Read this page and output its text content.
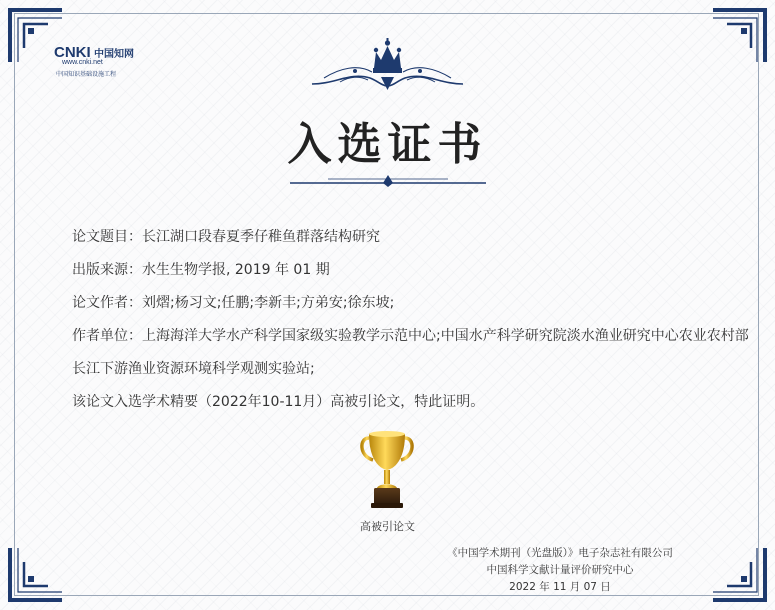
CNKI 中国知网
www.cnki.net
中国知识基础设施工程
入选证书
论文题目：长江湖口段春夏季仔稚鱼群落结构研究
出版来源：水生生物学报, 2019 年 01 期
论文作者：刘熠;杨习文;任鹏;李新丰;方弟安;徐东坡;
作者单位：上海海洋大学水产科学国家级实验教学示范中心;中国水产科学研究院淡水渔业研究中心农业农村部
长江下游渔业资源环境科学观测实验站;
该论文入选学术精要（2022年10-11月）高被引论文，特此证明。
高被引论文
《中国学术期刊（光盘版）》电子杂志社有限公司
中国科学文献计量评价研究中心
2022 年 11 月 07 日
